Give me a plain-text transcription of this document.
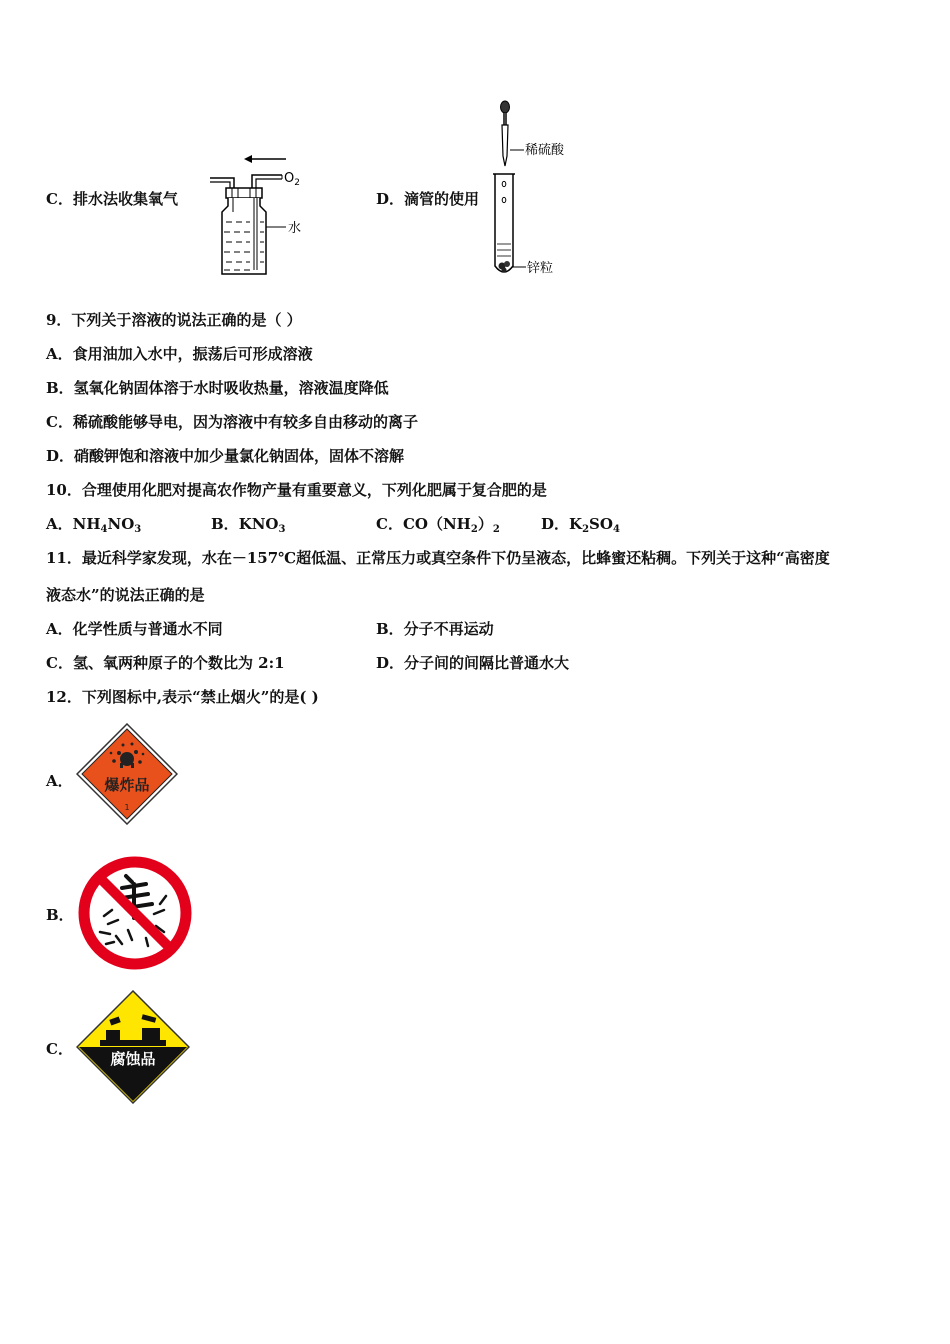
C．排水法收集氧气
水
$O_2$
D．滴管的使用
稀硫酸
锌粒
9．下列关于溶液的说法正确的是（ ）
A．食用油加入水中，振荡后可形成溶液
B．氢氧化钠固体溶于水时吸收热量，溶液温度降低
C．稀硫酸能够导电，因为溶液中有较多自由移动的离子
D．硝酸钾饱和溶液中加少量氯化钠固体，固体不溶解
10．合理使用化肥对提高农作物产量有重要意义，下列化肥属于复合肥的是
A．$NH_4NO_3$	B．$KNO_3$	C．$CO(NH_2)_2$	D．$K_2SO_4$
11．最近科学家发现，水在－157℃超低温、正常压力或真空条件下仍呈液态，比蜂蜜还粘稠。下列关于这种“高密度
液态水”的说法正确的是
A．化学性质与普通水不同	B．分子不再运动
C．氢、氧两种原子的个数比为 2:1	D．分子间的间隔比普通水大
12．下列图标中,表示“禁止烟火”的是( )
A． 爆炸品
1
B．
C．
腐蚀品
